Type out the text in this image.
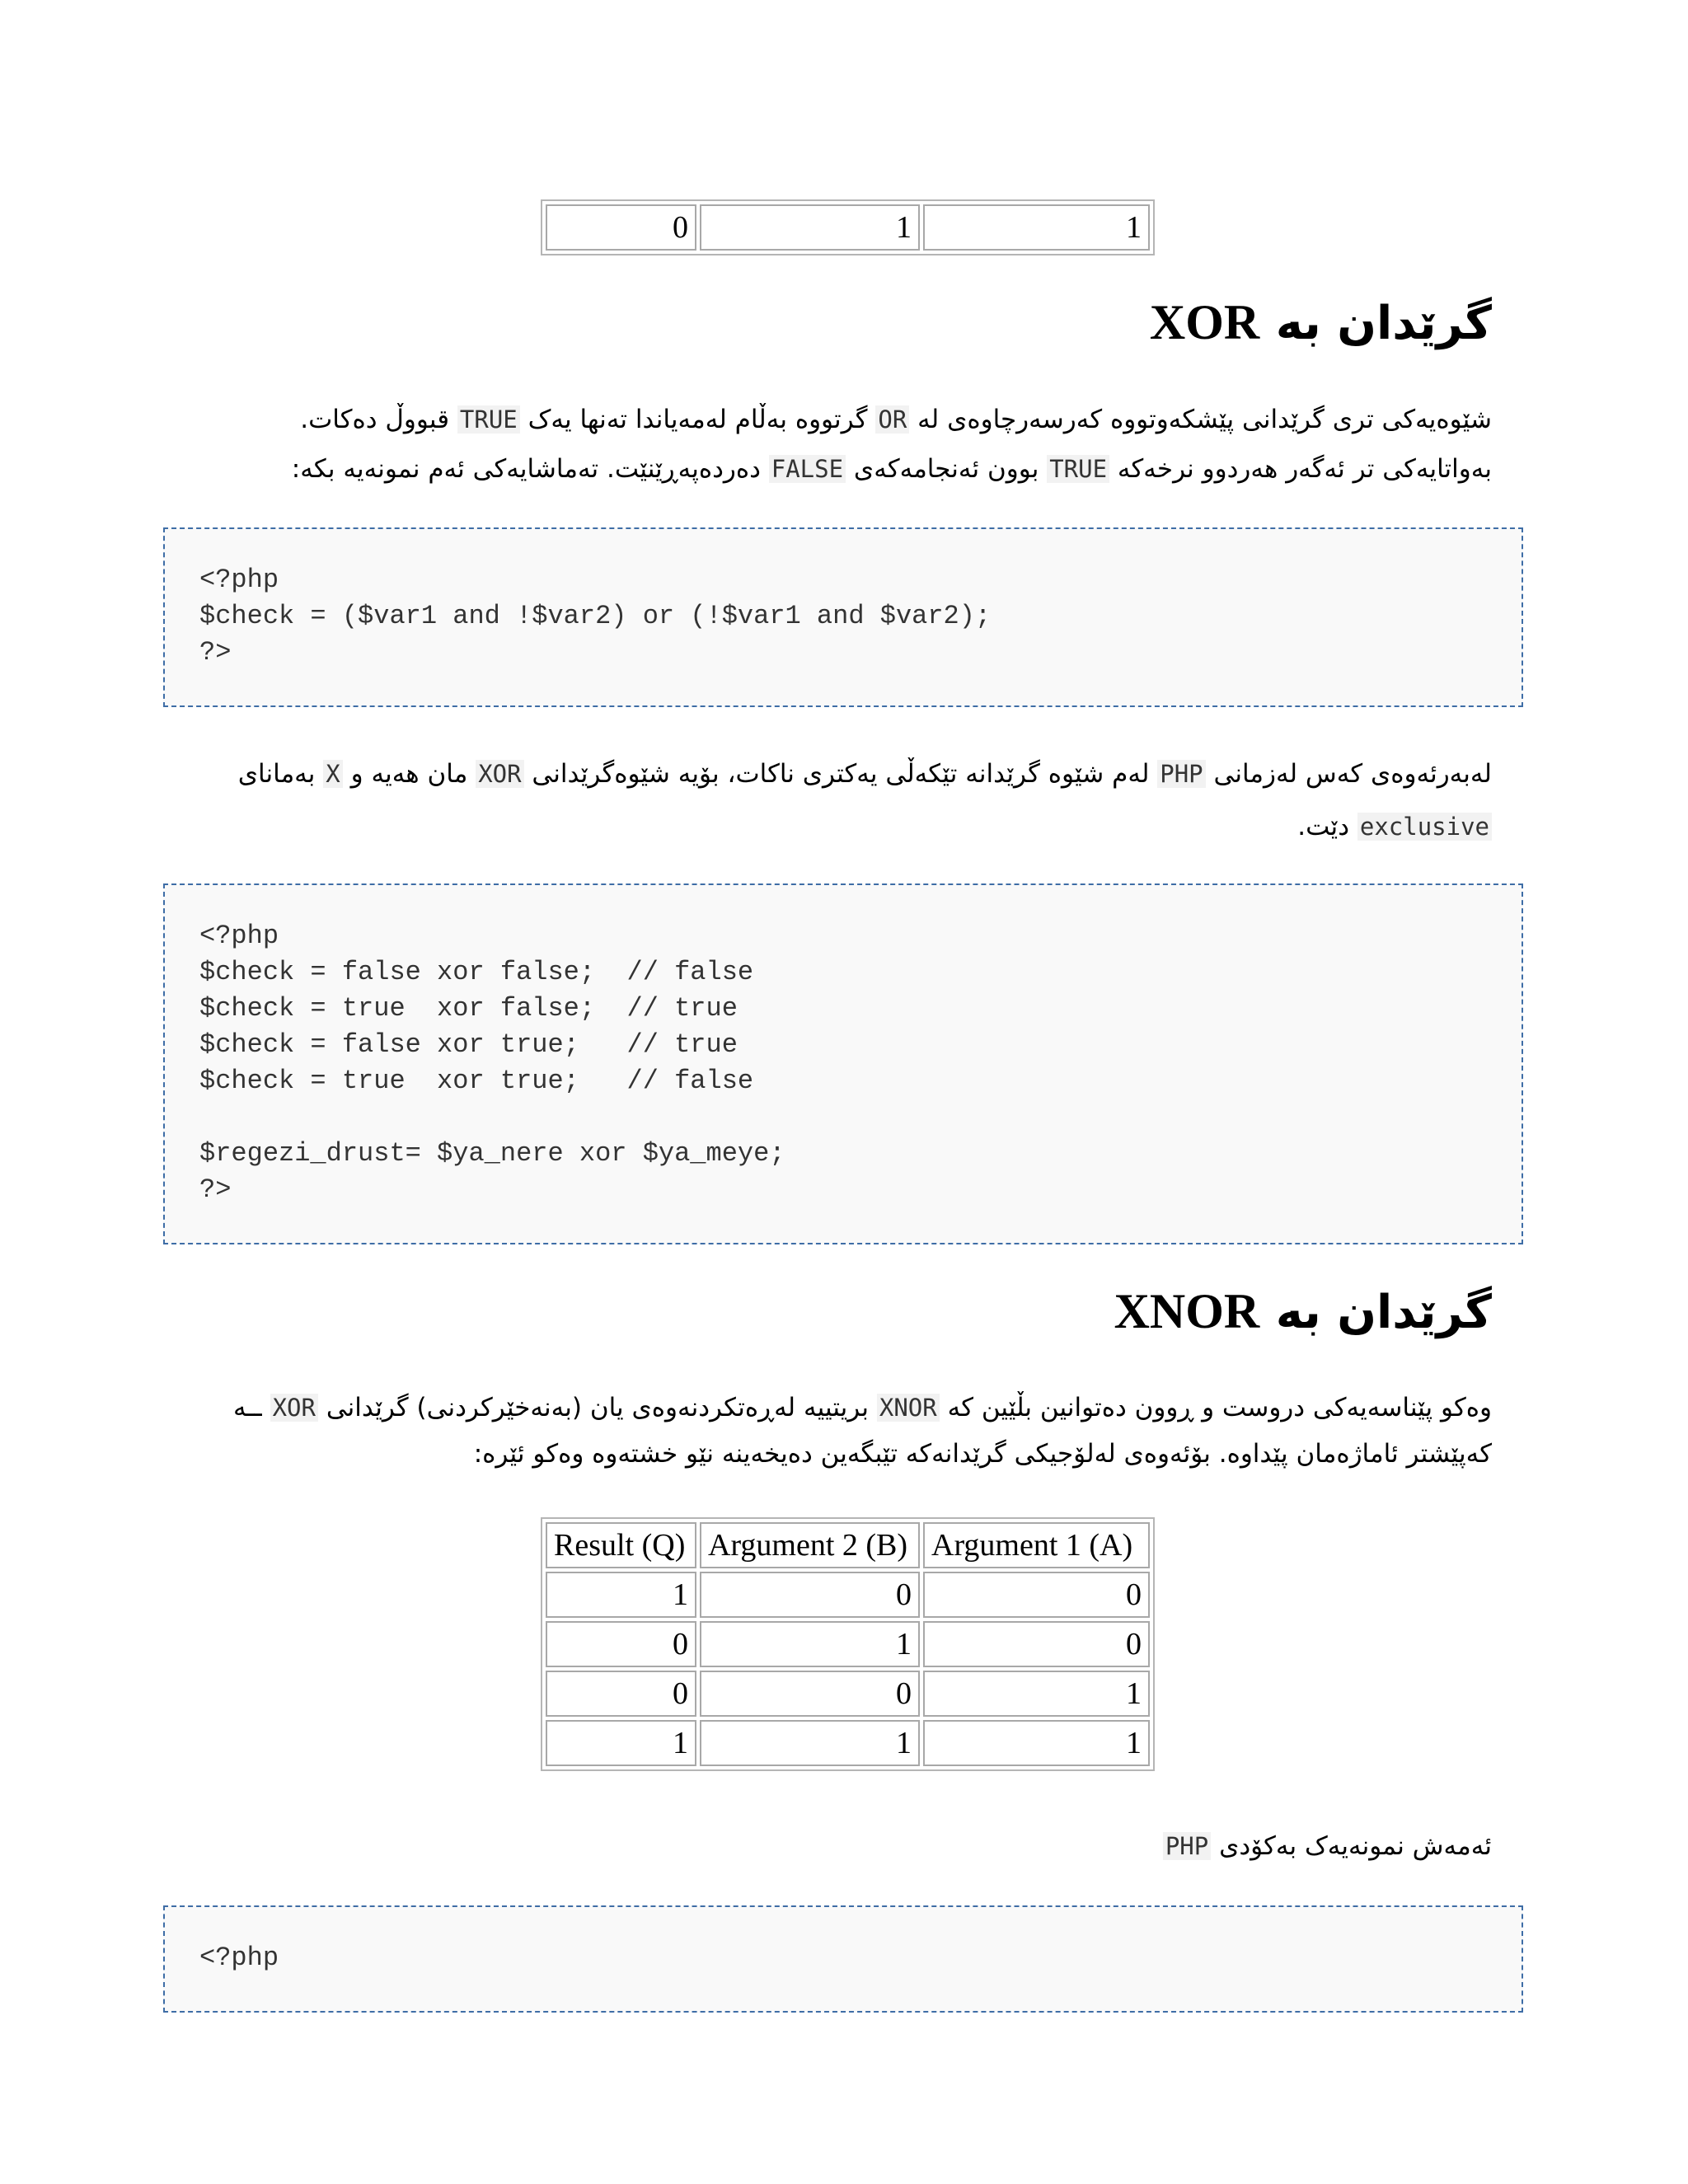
0	1	1
گرێدان بە XOR

شێوەیەکی تری گرێدانی پێشکەوتووە کەرسەرچاوەی لە OR گرتووە بەڵام لەمەیاندا تەنها یەک TRUE قبووڵ دەکات.
بەواتایەکی تر ئەگەر هەردوو نرخەکە TRUE بوون ئەنجامەکەی FALSE دەردەپەڕێنێت. تەماشایەکی ئەم نمونەیە بکە:

<?php
$check = ($var1 and !$var2) or (!$var1 and $var2);
?>

لەبەرئەوەی کەس لەزمانی PHP لەم شێوە گرێدانە تێکەڵی یەکتری ناکات، بۆیە شێوەگرێدانی XOR مان هەیە و X بەمانای
exclusive دێت.

<?php
$check = false xor false;  // false
$check = true  xor false;  // true
$check = false xor true;   // true
$check = true  xor true;   // false

$regezi_drust= $ya_nere xor $ya_meye;
?>
گرێدان بە XNOR

وەکو پێناسەیەکی دروست و ڕوون دەتوانین بڵێین کە XNOR بریتییە لەڕەتکردنەوەی یان (بەنەخێرکردنی) گرێدانی XOR ــە
کەپێشتر ئاماژەمان پێداوە. بۆئەوەی لەلۆجیکی گرێدانەکە تێبگەین دەیخەینە نێو خشتەوە وەکو ئێرە:

Result (Q)	Argument 2 (B)	Argument 1 (A)
1	0	0
0	1	0
0	0	1
1	1	1

ئەمەش نمونەیەک بەکۆدی PHP

<?php
